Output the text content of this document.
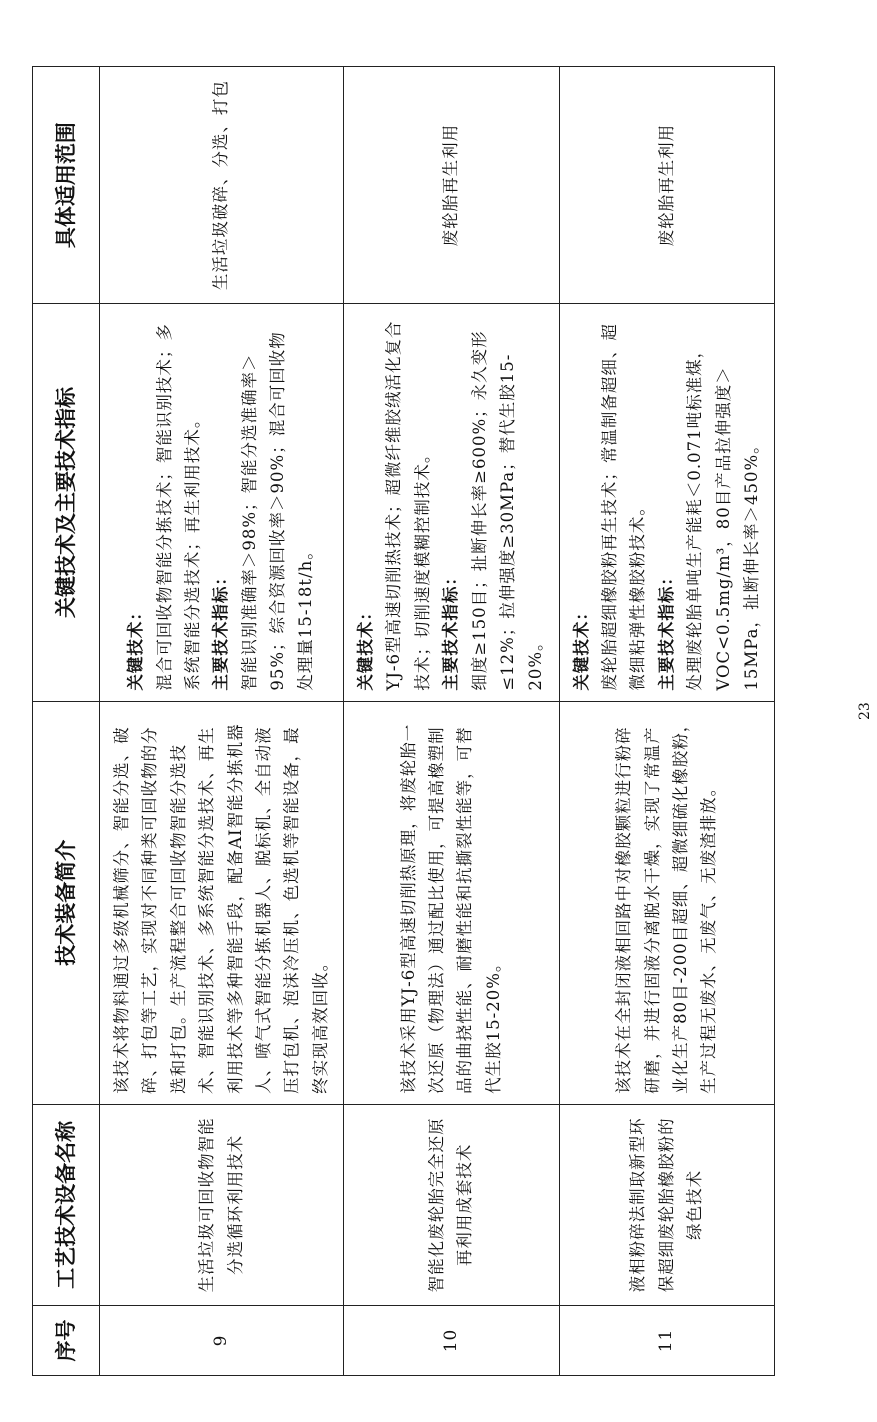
序号	工艺技术设备名称	技术装备简介	关键技术及主要技术指标	具体适用范围
9	生活垃圾可回收物智能分选循环利用技术	该技术将物料通过多级机械筛分、智能分选、破碎、打包等工艺，实现对不同种类可回收物的分选和打包。生产流程整合可回收物智能分选技术、智能识别技术、多系统智能分选技术、再生利用技术等多种智能手段，配备AI智能分拣机器人、喷气式智能分拣机器人、脱标机、全自动液压打包机、泡沫冷压机、色选机等智能设备，最终实现高效回收。	关键技术： 混合可回收物智能分拣技术；智能识别技术；多系统智能分选技术；再生利用技术。 主要技术指标： 智能识别准确率＞98%；智能分选准确率＞95%；综合资源回收率＞90%；混合可回收物处理量15-18t/h。	生活垃圾破碎、分选、打包
10	智能化废轮胎完全还原再利用成套技术	该技术采用YJ-6型高速切削热原理，将废轮胎一次还原（物理法）通过配比使用，可提高橡塑制品的曲挠性能、耐磨性能和抗撕裂性能等，可替代生胶15-20%。	关键技术： YJ-6型高速切削热技术；超微纤维胶绒活化复合技术；切削速度模糊控制技术。 主要技术指标： 细度≥150目；扯断伸长率≥600%；永久变形≤12%；拉伸强度≥30MPa；替代生胶15-20%。	废轮胎再生利用
11	液相粉碎法制取新型环保超细废轮胎橡胶粉的绿色技术	该技术在全封闭液相回路中对橡胶颗粒进行粉碎研磨，并进行固液分离脱水干燥，实现了常温产业化生产80目-200目超细、超微细硫化橡胶粉，生产过程无废水、无废气、无废渣排放。	关键技术： 废轮胎超细橡胶粉再生技术；常温制备超细、超微细粘弹性橡胶粉技术。 主要技术指标： 处理废轮胎单吨生产能耗＜0.071吨标准煤，VOC<0.5mg/m³，80目产品拉伸强度＞15MPa，扯断伸长率＞450%。	废轮胎再生利用
23
